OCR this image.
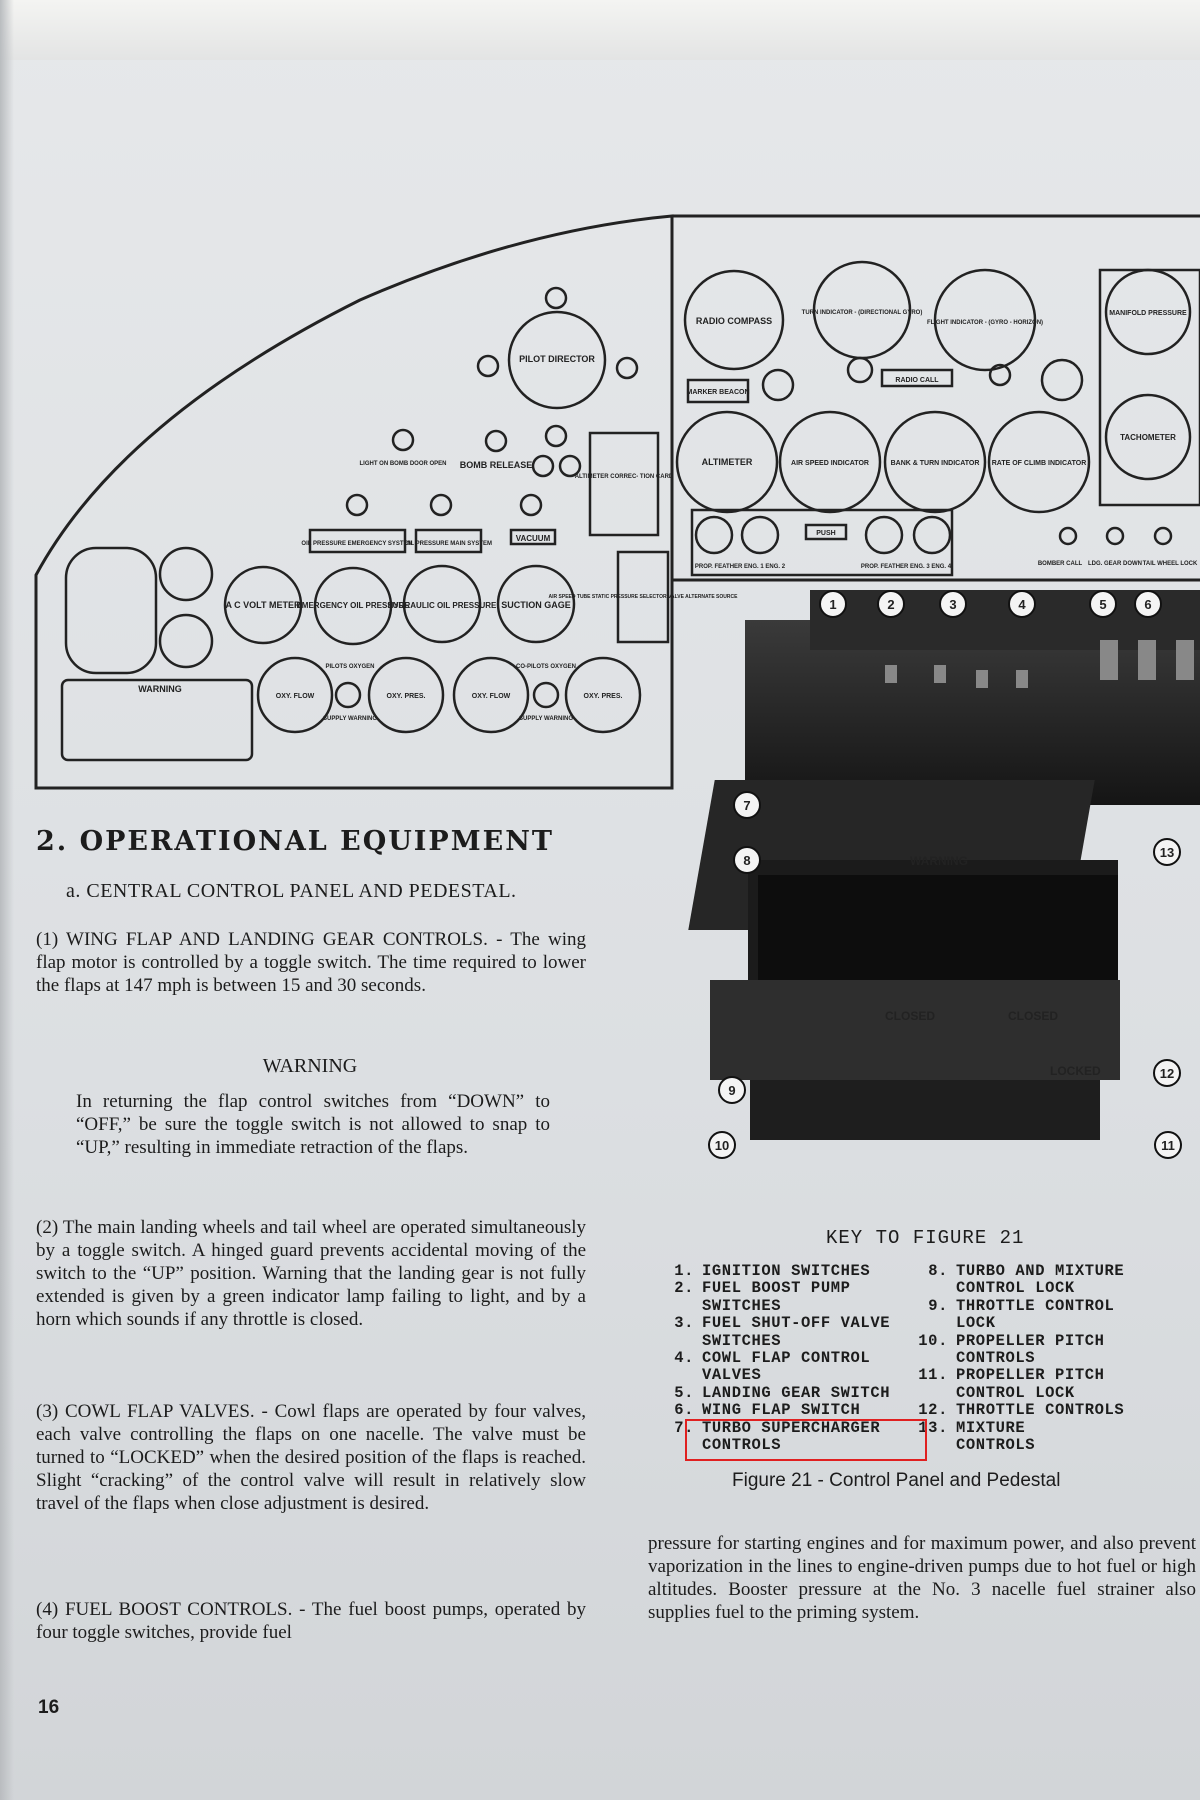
PILOT DIRECTOR
LIGHT ON BOMB DOOR OPEN BOMB RELEASE
ALTIMETER CORREC- TION CARD
OIL PRESSURE EMERGENCY SYSTEM
OIL PRESSURE MAIN SYSTEM
VACUUM
AIR SPEED TUBE STATIC PRESSURE SELECTOR VALVE ALTERNATE SOURCE
A C VOLT METER
EMERGENCY OIL PRESSURE
HYDRAULIC OIL PRESSURE SUCTION GAGE
WARNING
OXY. FLOW	OXY. PRES.	OXY. FLOW	OXY. PRES.
PILOTS OXYGEN	CO-PILOTS OXYGEN
SUPPLY WARNING	SUPPLY WARNING
RADIO COMPASS
TURN INDICATOR - (DIRECTIONAL GYRO)
FLIGHT INDICATOR - (GYRO - HORIZON)
MANIFOLD PRESSURE
MARKER BEACON
RADIO CALL
ALTIMETER	AIR SPEED INDICATOR	BANK & TURN INDICATOR RATE OF CLIMB INDICATOR
TACHOMETER
PUSH
PROP. FEATHER ENG. 1 ENG. 2	PROP. FEATHER ENG. 3 ENG. 4	BOMBER CALL LDG. GEAR DOWN TAIL WHEEL LOCK
CLOSED	CLOSED
WARNING
LOCKED
1	2	3	4	5	6
7
8
9
10	11
12
13
2. OPERATIONAL EQUIPMENT
a. CENTRAL CONTROL PANEL AND PEDESTAL.
(1) WING FLAP AND LANDING GEAR CONTROLS. - The wing flap motor is controlled by a toggle switch. The time required to lower the flaps at 147 mph is between 15 and 30 seconds.
WARNING
In returning the flap control switches from “DOWN” to “OFF,” be sure the toggle switch is not allowed to snap to “UP,” resulting in immediate retraction of the flaps.
(2) The main landing wheels and tail wheel are operated simultaneously by a toggle switch. A hinged guard prevents accidental moving of the switch to the “UP” position. Warning that the landing gear is not fully extended is given by a green indicator lamp failing to light, and by a horn which sounds if any throttle is closed.
(3) COWL FLAP VALVES. - Cowl flaps are operated by four valves, each valve controlling the flaps on one nacelle. The valve must be turned to “LOCKED” when the desired position of the flaps is reached. Slight “cracking” of the control valve will result in relatively slow travel of the flaps when close adjustment is desired.
(4) FUEL BOOST CONTROLS. - The fuel boost pumps, operated by four toggle switches, provide fuel
KEY TO FIGURE 21
1. IGNITION SWITCHES
2. FUEL BOOST PUMP
SWITCHES
3. FUEL SHUT-OFF VALVE
SWITCHES
4. COWL FLAP CONTROL
VALVES
5. LANDING GEAR SWITCH
6. WING FLAP SWITCH
7. TURBO SUPERCHARGER
CONTROLS
8. TURBO AND MIXTURE
CONTROL LOCK
9. THROTTLE CONTROL
LOCK
10. PROPELLER PITCH
CONTROLS
11. PROPELLER PITCH
CONTROL LOCK
12. THROTTLE CONTROLS
13. MIXTURE
CONTROLS
Figure 21 - Control Panel and Pedestal
pressure for starting engines and for maximum power, and also prevent vaporization in the lines to engine-driven pumps due to hot fuel or high altitudes. Booster pressure at the No. 3 nacelle fuel strainer also supplies fuel to the priming system.
16
